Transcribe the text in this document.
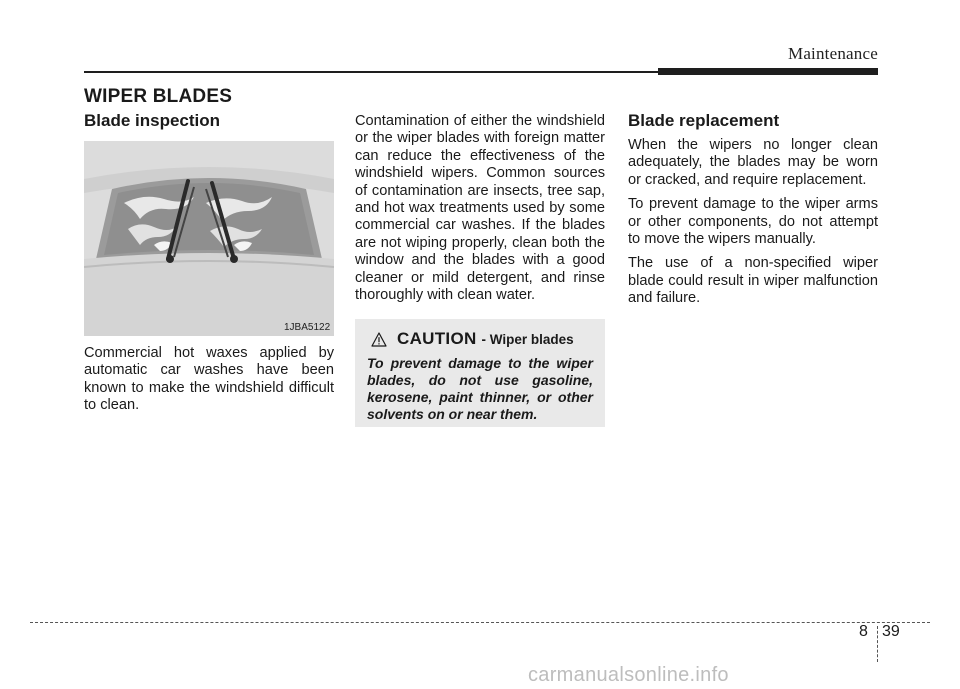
Maintenance
WIPER BLADES
Blade inspection
1JBA5122

Commercial hot waxes applied by automatic car washes have been known to make the windshield difficult to clean.

Contamination of either the windshield or the wiper blades with foreign matter can reduce the effectiveness of the windshield wipers. Common sources of contamination are insects, tree sap, and hot wax treatments used by some commercial car washes. If the blades are not wiping properly, clean both the window and the blades with a good cleaner or mild detergent, and rinse thoroughly with clean water.

CAUTION - Wiper blades

To prevent damage to the wiper blades, do not use gasoline, kerosene, paint thinner, or other solvents on or near them.

Blade replacement

When the wipers no longer clean adequately, the blades may be worn or cracked, and require replacement.

To prevent damage to the wiper arms or other components, do not attempt to move the wipers manually.

The use of a non-specified wiper blade could result in wiper malfunction and failure.

8 39
carmanualsonline.info
